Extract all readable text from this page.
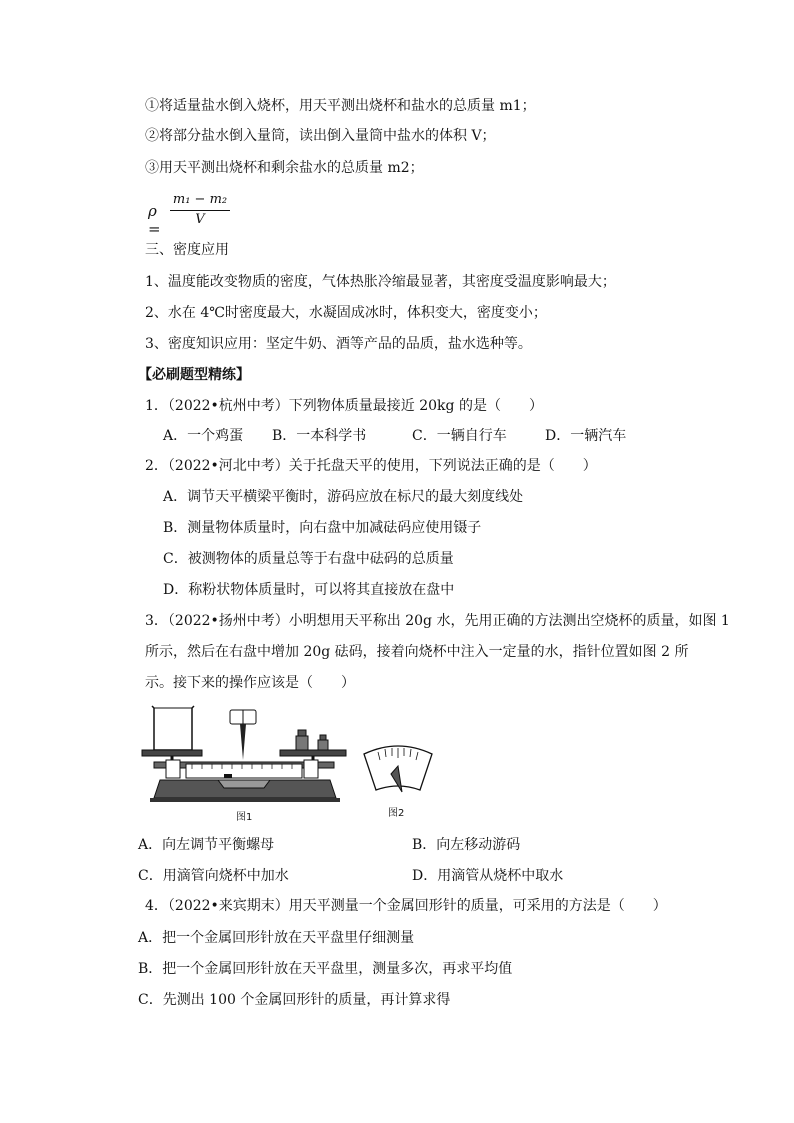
①将适量盐水倒入烧杯，用天平测出烧杯和盐水的总质量 m1；
②将部分盐水倒入量筒，读出倒入量筒中盐水的体积 V；
③用天平测出烧杯和剩余盐水的总质量 m2；
ρ =
m₁ − m₂
V
三、密度应用
1、温度能改变物质的密度，气体热胀冷缩最显著，其密度受温度影响最大；
2、水在 4℃时密度最大，水凝固成冰时，体积变大，密度变小；
3、密度知识应用：坚定牛奶、酒等产品的品质，盐水选种等。
【必刷题型精练】
1．（2022•杭州中考）下列物体质量最接近 20kg 的是（　　）
A．一个鸡蛋 B．一本科学书	C．一辆自行车	D．一辆汽车
2．（2022•河北中考）关于托盘天平的使用，下列说法正确的是（　　）
A．调节天平横梁平衡时，游码应放在标尺的最大刻度线处
B．测量物体质量时，向右盘中加减砝码应使用镊子
C．被测物体的质量总等于右盘中砝码的总质量
D．称粉状物体质量时，可以将其直接放在盘中
3．（2022•扬州中考）小明想用天平称出 20g 水，先用正确的方法测出空烧杯的质量，如图 1
所示，然后在右盘中增加 20g 砝码，接着向烧杯中注入一定量的水，指针位置如图 2 所
示。接下来的操作应该是（　　）
图1	图2
A．向左调节平衡螺母	B．向左移动游码
C．用滴管向烧杯中加水	D．用滴管从烧杯中取水
4．（2022•来宾期末）用天平测量一个金属回形针的质量，可采用的方法是（　　）
A．把一个金属回形针放在天平盘里仔细测量
B．把一个金属回形针放在天平盘里，测量多次，再求平均值
C．先测出 100 个金属回形针的质量，再计算求得
